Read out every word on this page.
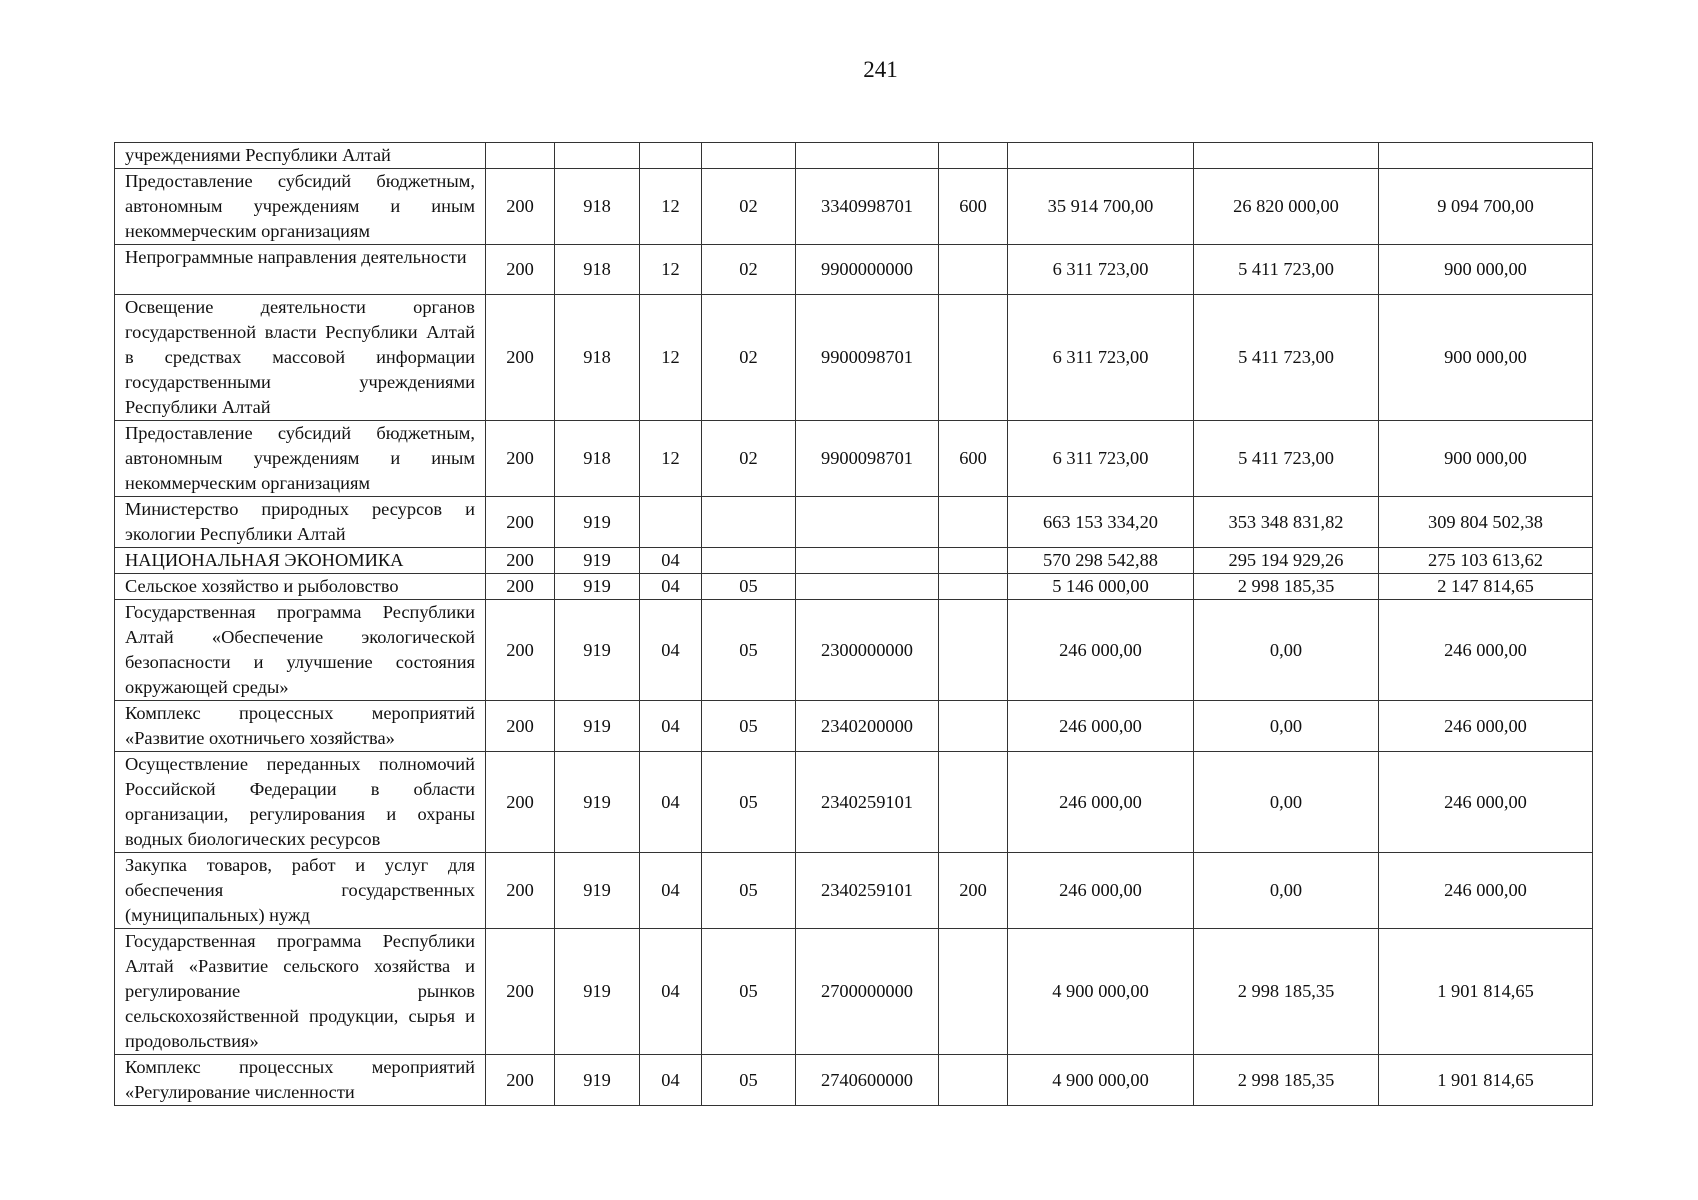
241
учреждениями Республики Алтай									
Предоставление субсидий бюджетным, автономным учреждениям и иным некоммерческим организациям	200	918	12	02	3340998701	600	35 914 700,00	26 820 000,00	9 094 700,00
Непрограммные направления деятельности	200	918	12	02	9900000000		6 311 723,00	5 411 723,00	900 000,00
Освещение деятельности органов государственной власти Республики Алтай в средствах массовой информации государственными учреждениями Республики Алтай	200	918	12	02	9900098701		6 311 723,00	5 411 723,00	900 000,00
Предоставление субсидий бюджетным, автономным учреждениям и иным некоммерческим организациям	200	918	12	02	9900098701	600	6 311 723,00	5 411 723,00	900 000,00
Министерство природных ресурсов и экологии Республики Алтай	200	919					663 153 334,20	353 348 831,82	309 804 502,38
НАЦИОНАЛЬНАЯ ЭКОНОМИКА	200	919	04				570 298 542,88	295 194 929,26	275 103 613,62
Сельское хозяйство и рыболовство	200	919	04	05			5 146 000,00	2 998 185,35	2 147 814,65
Государственная программа Республики Алтай «Обеспечение экологической безопасности и улучшение состояния окружающей среды»	200	919	04	05	2300000000		246 000,00	0,00	246 000,00
Комплекс процессных мероприятий «Развитие охотничьего хозяйства»	200	919	04	05	2340200000		246 000,00	0,00	246 000,00
Осуществление переданных полномочий Российской Федерации в области организации, регулирования и охраны водных биологических ресурсов	200	919	04	05	2340259101		246 000,00	0,00	246 000,00
Закупка товаров, работ и услуг для обеспечения государственных (муниципальных) нужд	200	919	04	05	2340259101	200	246 000,00	0,00	246 000,00
Государственная программа Республики Алтай «Развитие сельского хозяйства и регулирование рынков сельскохозяйственной продукции, сырья и продовольствия»	200	919	04	05	2700000000		4 900 000,00	2 998 185,35	1 901 814,65
Комплекс процессных мероприятий «Регулирование численности	200	919	04	05	2740600000		4 900 000,00	2 998 185,35	1 901 814,65
